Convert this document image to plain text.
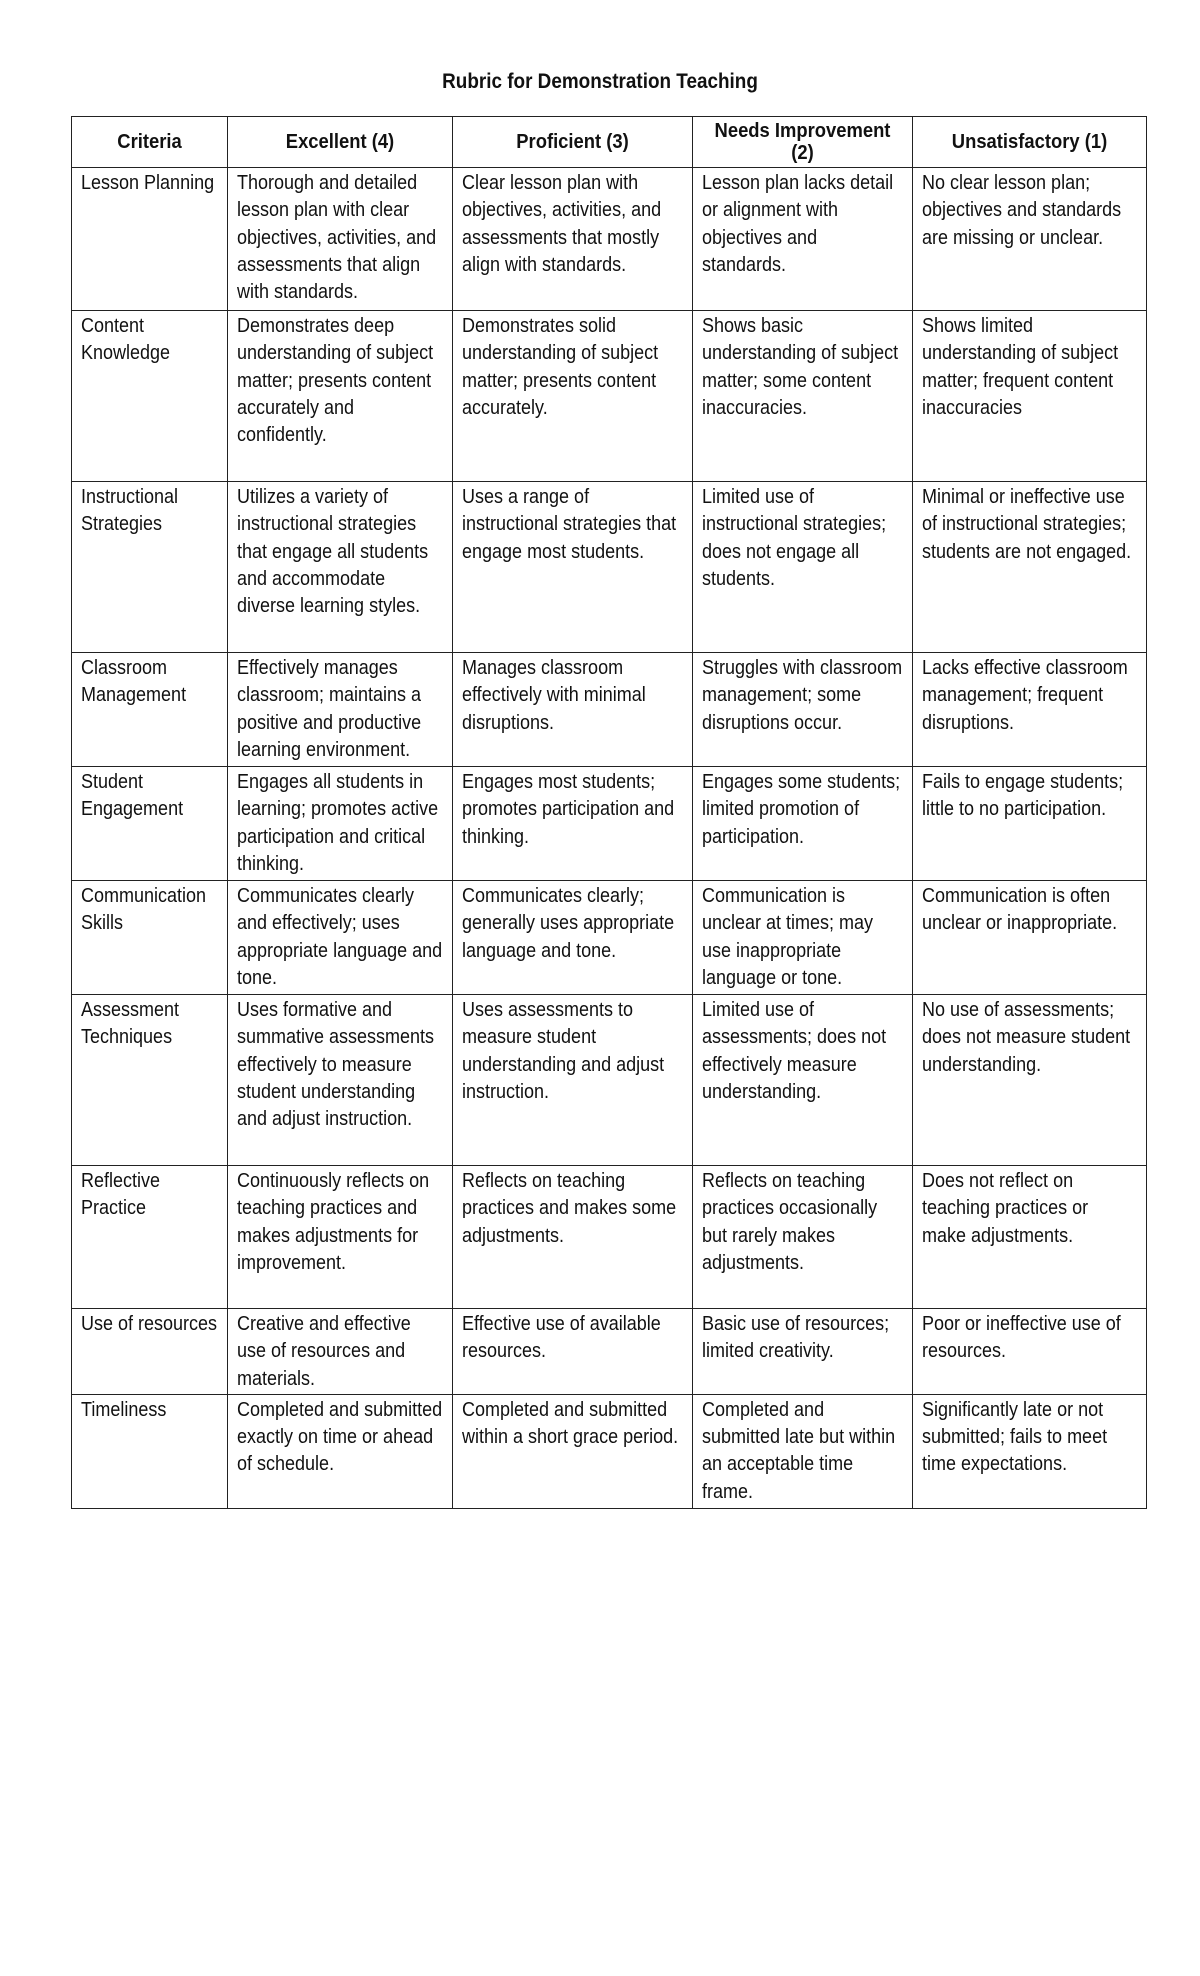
Rubric for Demonstration Teaching
Criteria	Excellent (4)	Proficient (3)	Needs Improvement (2)	Unsatisfactory (1)

Lesson Planning	Thorough and detailed lesson plan with clear objectives, activities, and assessments that align with standards.	Clear lesson plan with objectives, activities, and assessments that mostly align with standards.	Lesson plan lacks detail or alignment with objectives and standards.	No clear lesson plan; objectives and standards are missing or unclear.

Content Knowledge	Demonstrates deep understanding of subject matter; presents content accurately and confidently.	Demonstrates solid understanding of subject matter; presents content accurately.	Shows basic understanding of subject matter; some content inaccuracies.	Shows limited understanding of subject matter; frequent content inaccuracies

Instructional Strategies	Utilizes a variety of instructional strategies that engage all students and accommodate diverse learning styles.	Uses a range of instructional strategies that engage most students.	Limited use of instructional strategies; does not engage all students.	Minimal or ineffective use of instructional strategies; students are not engaged.

Classroom Management	Effectively manages classroom; maintains a positive and productive learning environment.	Manages classroom effectively with minimal disruptions.	Struggles with classroom management; some disruptions occur.	Lacks effective classroom management; frequent disruptions.

Student Engagement	Engages all students in learning; promotes active participation and critical thinking.	Engages most students; promotes participation and thinking.	Engages some students; limited promotion of participation.	Fails to engage students; little to no participation.

Communication Skills	Communicates clearly and effectively; uses appropriate language and tone.	Communicates clearly; generally uses appropriate language and tone.	Communication is unclear at times; may use inappropriate language or tone.	Communication is often unclear or inappropriate.

Assessment Techniques	Uses formative and summative assessments effectively to measure student understanding and adjust instruction.	Uses assessments to measure student understanding and adjust instruction.	Limited use of assessments; does not effectively measure understanding.	No use of assessments; does not measure student understanding.

Reflective Practice	Continuously reflects on teaching practices and makes adjustments for improvement.	Reflects on teaching practices and makes some adjustments.	Reflects on teaching practices occasionally but rarely makes adjustments.	Does not reflect on teaching practices or make adjustments.

Use of resources	Creative and effective use of resources and materials.	Effective use of available resources.	Basic use of resources; limited creativity.	Poor or ineffective use of resources.

Timeliness	Completed and submitted exactly on time or ahead of schedule.	Completed and submitted within a short grace period.	Completed and submitted late but within an acceptable time frame.	Significantly late or not submitted; fails to meet time expectations.
